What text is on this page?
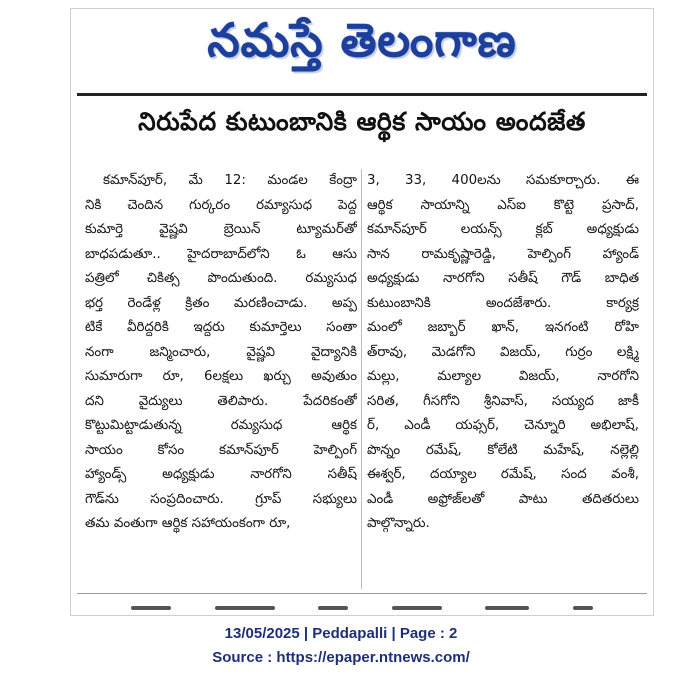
నమస్తే తెలంగాణ
నిరుపేద కుటుంబానికి ఆర్థిక సాయం అందజేత
కమాన్‌పూర్, మే 12: మండల కేంద్రా
నికి చెందిన గుర్కరం రమ్యాసుధ పెద్ద
కుమార్తె వైష్ణవి బ్రెయిన్ ట్యూమర్‌తో
బాధపడుతూ.. హైదరాబాద్‌లోని ఓ ఆసు
పత్రిలో చికిత్స పొందుతుంది. రమ్యసుధ
భర్త రెండేళ్ల క్రితం మరణించాడు. అప్ప
టికే వీరిద్దరికి ఇద్దరు కుమార్తెలు సంతా
నంగా జన్మించారు, వైష్ణవి వైద్యానికి
సుమారుగా రూ, 6లక్షలు ఖర్చు అవుతుం
దని వైద్యులు తెలిపారు. పేదరికంతో
కొట్టుమిట్టాడుతున్న రమ్యసుధ ఆర్థిక
సాయం కోసం కమాన్‌పూర్ హెల్పింగ్
హ్యాండ్స్ అధ్యక్షుడు నారగోని సతీష్
గౌడ్‌ను సంప్రదించారు. గ్రూప్ సభ్యులు
తమ వంతుగా ఆర్థిక సహాయంకంగా రూ,
3, 33, 400లను సమకూర్చారు. ఈ
ఆర్థిక సాయాన్ని ఎస్ఐ కొట్టె ప్రసాద్,
కమాన్‌పూర్ లయన్స్ క్లబ్ అధ్యక్షుడు
సాన రామకృష్ణారెడ్డి, హెల్పింగ్ హ్యాండ్
అధ్యక్షుడు నారగోని సతీష్ గౌడ్ బాధిత
కుటుంబానికి అందజేశారు. కార్యక్ర
మంలో జబ్బార్ ఖాన్, ఇనగంటి రోహి
త్‌రావు, మెడగోని విజయ్, గుర్రం లక్ష్మి
మల్లు, మల్యాల విజయ్, నారగోని
సరిత, గీసగోని శ్రీనివాస్, సయ్యద జాకీ
ర్, ఎండీ యఫ్సర్, చెన్నూరి అభిలాష్,
పొన్నం రమేష్, కోలేటి మహేష్, నల్లెల్లి
ఈశ్వర్, దయ్యాల రమేష్, సంద వంశీ,
ఎండీ అఫ్రోజ్‌లతో పాటు తదితరులు
పాల్గొన్నారు.
13/05/2025 | Peddapalli | Page : 2
Source : https://epaper.ntnews.com/
